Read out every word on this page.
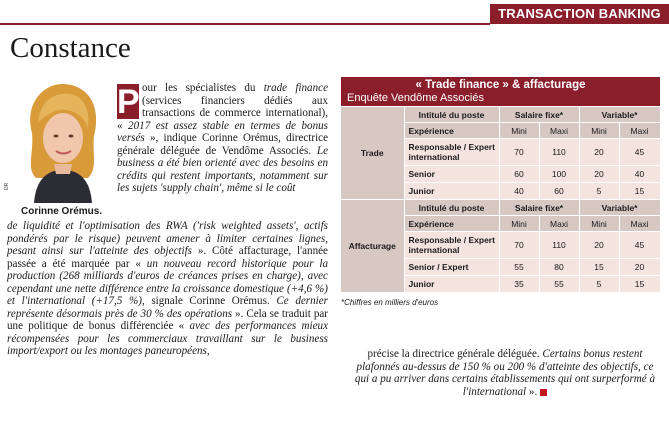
TRANSACTION BANKING
Constance
DR
Corinne Orémus.

P our les spécialistes du trade finance (services financiers dédiés aux transactions de commerce international), « 2017 est assez stable en termes de bonus versés », indique Corinne Orémus, directrice générale déléguée de Vendôme Associés. Le business a été bien orienté avec des besoins en crédits qui restent importants, notamment sur les sujets 'supply chain', même si le coût

de liquidité et l'optimisation des RWA ('risk weighted assets', actifs pondérés par le risque) peuvent amener à limiter certaines lignes, pesant ainsi sur l'atteinte des objectifs ». Côté affacturage, l'année passée a été marquée par « un nouveau record historique pour la production (268 milliards d'euros de créances prises en charge), avec cependant une nette différence entre la croissance domestique (+4,6 %) et l'international (+17,5 %), signale Corinne Orémus. Ce dernier représente désormais près de 30 % des opérations ». Cela se traduit par une politique de bonus différenciée « avec des performances mieux récompensées pour les commerciaux travaillant sur le business import/export ou les montages paneuropéens,

« Trade finance » & affacturage
Enquête Vendôme Associés
Trade	Intitulé du poste	Salaire fixe*		Variable*	
	Expérience	Mini	Maxi	Mini	Maxi
	Responsable / Expert international	70	110	20	45
	Senior	60	100	20	40
	Junior	40	60	5	15
Affacturage	Intitulé du poste	Salaire fixe*		Variable*	
	Expérience	Mini	Maxi	Mini	Maxi
	Responsable / Expert international	70	110	20	45
	Senior / Expert	55	80	15	20
	Junior	35	55	5	15
*Chiffres en milliers d'euros

précise la directrice générale déléguée. Certains bonus restent plafonnés au-dessus de 150 % ou 200 % d'atteinte des objectifs, ce qui a pu arriver dans certains établissements qui ont surperformé à l'international ».
